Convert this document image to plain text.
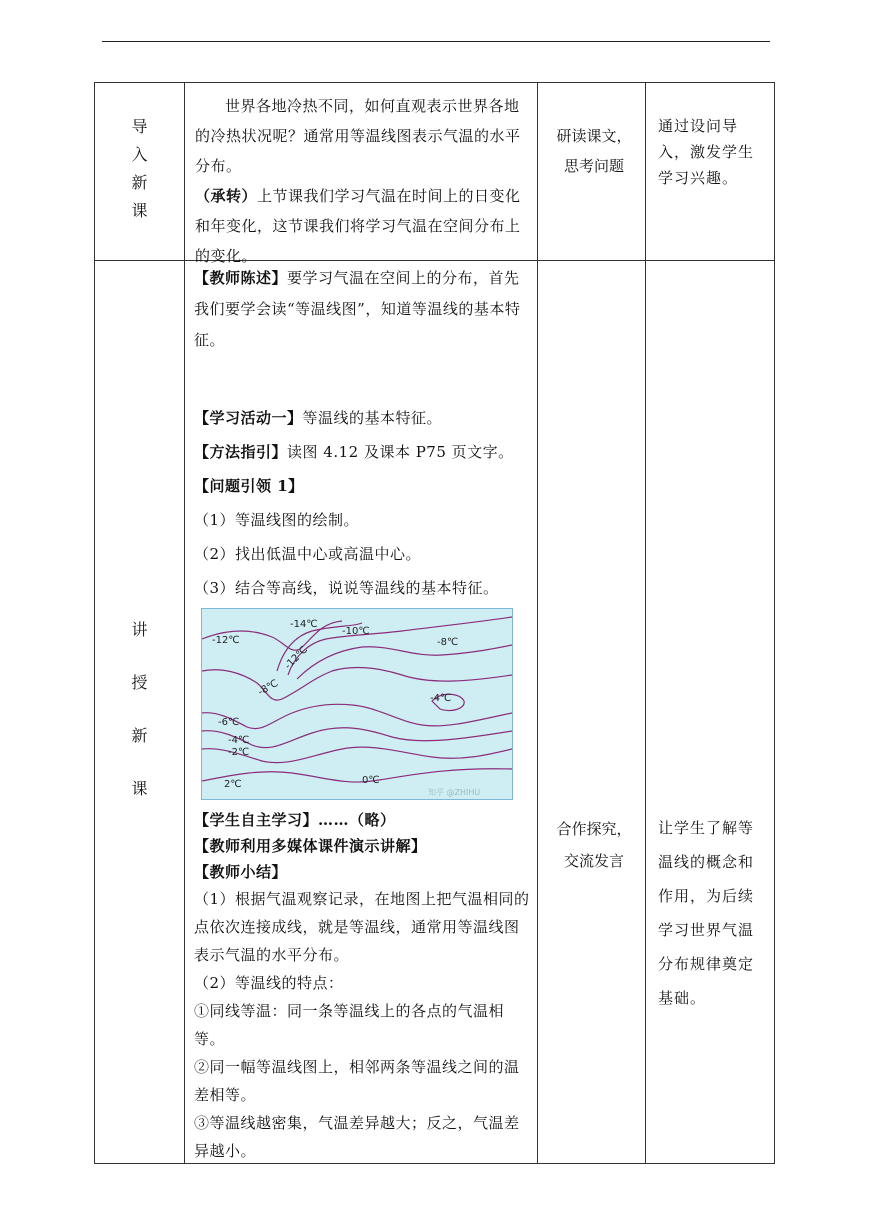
导
入
新
课

世界各地冷热不同，如何直观表示世界各地的冷热状况呢？通常用等温线图表示气温的水平分布。

（承转）上节课我们学习气温在时间上的日变化和年变化，这节课我们将学习气温在空间分布上的变化。

研读课文，
思考问题
通过设问导入，激发学生学习兴趣。
讲
授
新
课
【教师陈述】要学习气温在空间上的分布，首先我们要学会读“等温线图”，知道等温线的基本特征。
【学习活动一】等温线的基本特征。
【方法指引】读图 4.12 及课本 P75 页文字。
【问题引领 1】
（1）等温线图的绘制。
（2）找出低温中心或高温中心。
（3）结合等高线，说说等温线的基本特征。
-14℃
-10℃
-12℃	-8℃
-12℃
-8℃
-4℃
-6℃
-4℃
-2℃
2℃	0℃
知乎 @ZHIHU
【学生自主学习】……（略）
【教师利用多媒体课件演示讲解】
【教师小结】
（1）根据气温观察记录，在地图上把气温相同的点依次连接成线，就是等温线，通常用等温线图表示气温的水平分布。
（2）等温线的特点：
①同线等温：同一条等温线上的各点的气温相等。
②同一幅等温线图上，相邻两条等温线之间的温差相等。
③等温线越密集，气温差异越大；反之，气温差异越小。
合作探究，
交流发言
让学生了解等温线的概念和作用，为后续学习世界气温分布规律奠定基础。
